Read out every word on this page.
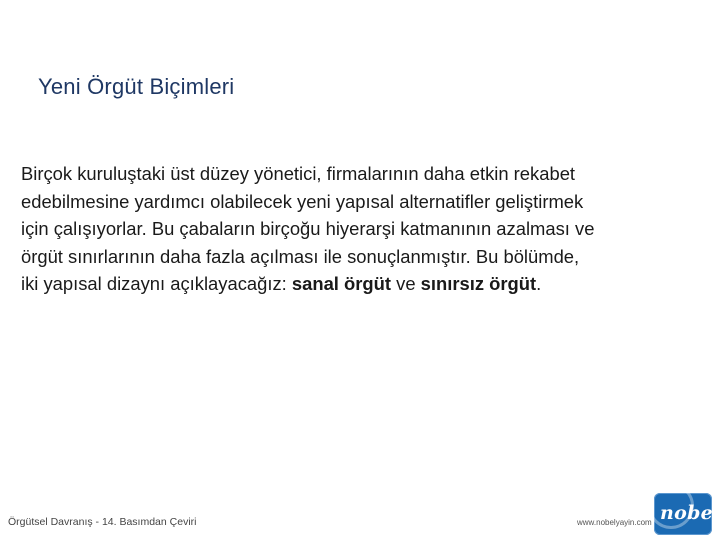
Yeni Örgüt Biçimleri
Birçok kuruluştaki üst düzey yönetici, firmalarının daha etkin rekabet
edebilmesine yardımcı olabilecek yeni yapısal alternatifler geliştirmek
için çalışıyorlar. Bu çabaların birçoğu hiyerarşi katmanının azalması ve
örgüt sınırlarının daha fazla açılması ile sonuçlanmıştır. Bu bölümde,
iki yapısal dizaynı açıklayacağız: sanal örgüt ve sınırsız örgüt.
Örgütsel Davranış - 14. Basımdan Çeviri	www.nobelyayin.com nobel
